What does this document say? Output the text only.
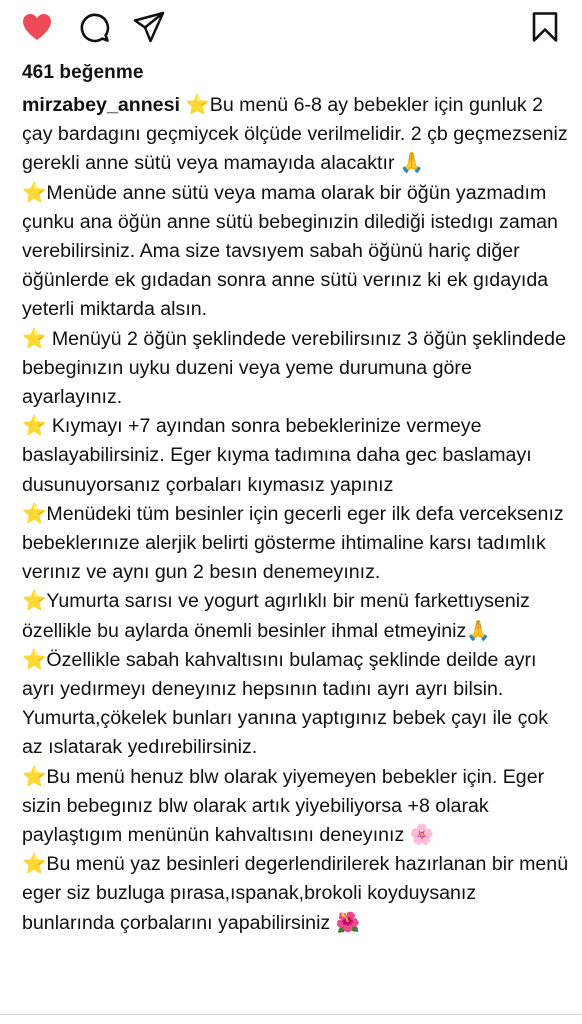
461 beğenme
mirzabey_annesi ⭐Bu menü 6-8 ay bebekler için gunluk 2 çay bardagını geçmiycek ölçüde verilmelidir. 2 çb geçmezseniz gerekli anne sütü veya mamayıda alacaktır 🙏
⭐Menüde anne sütü veya mama olarak bir öğün yazmadım çunku ana öğün anne sütü bebeginızin dilediği istedıgı zaman verebilirsiniz. Ama size tavsıyem sabah öğünü hariç diğer öğünlerde ek gıdadan sonra anne sütü verınız ki ek gıdayıda yeterli miktarda alsın.
⭐ Menüyü 2 öğün şeklindede verebilirsınız 3 öğün şeklindede bebeginızın uyku duzeni veya yeme durumuna göre ayarlayınız.
⭐ Kıymayı +7 ayından sonra bebeklerinize vermeye baslayabilirsiniz. Eger kıyma tadımına daha gec baslamayı dusunuyorsanız çorbaları kıymasız yapınız
⭐Menüdeki tüm besinler için gecerli eger ilk defa verceksenız bebeklerınıze alerjik belirti gösterme ihtimaline karsı tadımlık verınız ve aynı gun 2 besın denemeyınız.
⭐Yumurta sarısı ve yogurt agırlıklı bir menü farkettıyseniz özellikle bu aylarda önemli besinler ihmal etmeyiniz🙏
⭐Özellikle sabah kahvaltısını bulamaç şeklinde deilde ayrı ayrı yedırmeyı deneyınız hepsının tadını ayrı ayrı bilsin. Yumurta,çökelek bunları yanına yaptıgınız bebek çayı ile çok az ıslatarak yedırebilirsiniz.
⭐Bu menü henuz blw olarak yiyemeyen bebekler için. Eger sizin bebegınız blw olarak artık yiyebiliyorsa +8 olarak paylaştıgım menünün kahvaltısını deneyınız 🌸
⭐Bu menü yaz besinleri degerlendirilerek hazırlanan bir menü eger siz buzluga pırasa,ıspanak,brokoli koyduysanız bunlarında çorbalarını yapabilirsiniz 🌺
